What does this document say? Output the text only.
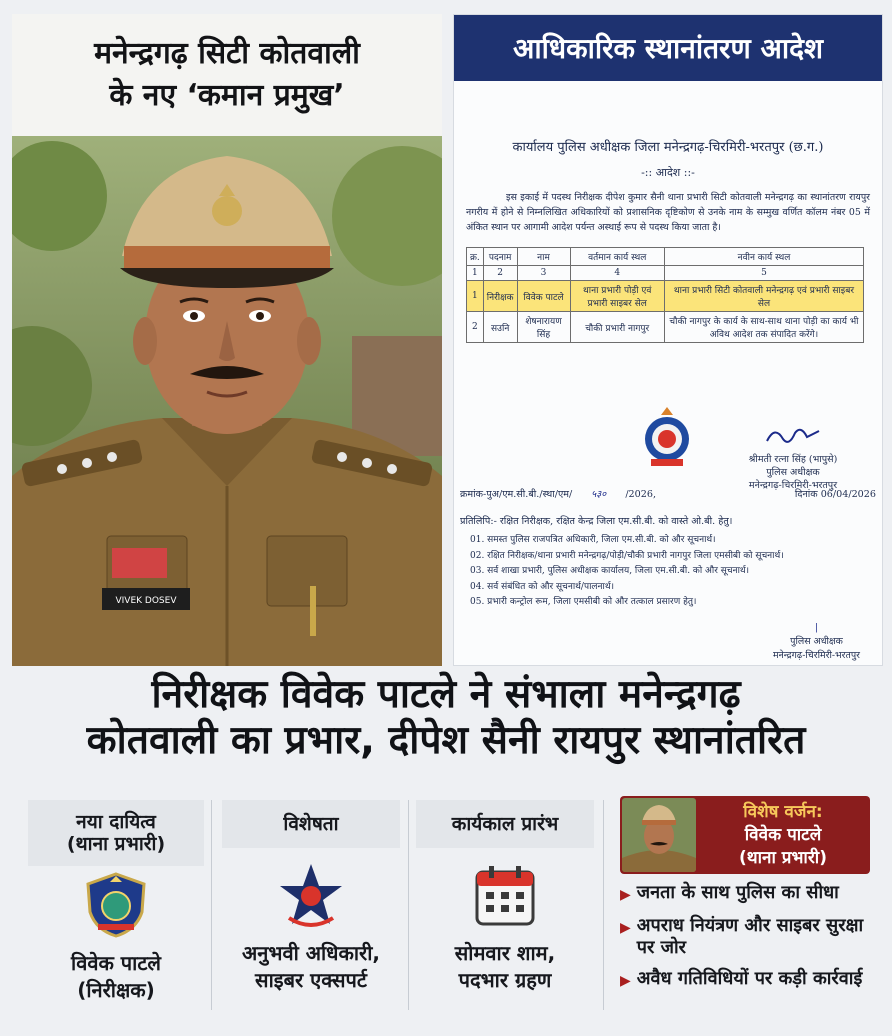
मनेन्द्रगढ़ सिटी कोतवाली
के नए ‘कमान प्रमुख’
VIVEK DOSEV
आधिकारिक स्थानांतरण आदेश
कार्यालय पुलिस अधीक्षक जिला मनेन्द्रगढ़-चिरमिरी-भरतपुर (छ.ग.)
-:: आदेश ::-
इस इकाई में पदस्थ निरीक्षक दीपेश कुमार सैनी थाना प्रभारी सिटी कोतवाली मनेन्द्रगढ़ का स्थानांतरण रायपुर नगरीय में होने से निम्नलिखित अधिकारियों को प्रशासनिक दृष्टिकोण से उनके नाम के सम्मुख वर्णित कॉलम नंबर 05 में अंकित स्थान पर आगामी आदेश पर्यन्त अस्थाई रूप से पदस्थ किया जाता है।
क्र.	पदनाम	नाम	वर्तमान कार्य स्थल	नवीन कार्य स्थल
1	2	3	4	5
1	निरीक्षक	विवेक पाटले	थाना प्रभारी पोड़ी एवं प्रभारी साइबर सेल	थाना प्रभारी सिटी कोतवाली मनेन्द्रगढ़ एवं प्रभारी साइबर सेल
2	सउनि	शेषनारायण सिंह	चौकी प्रभारी नागपुर	चौकी नागपुर के कार्य के साथ-साथ थाना पोड़ी का कार्य भी अविथ आदेश तक संपादित करेंगे।
श्रीमती रत्ना सिंह (भापुसे)
पुलिस अधीक्षक
मनेन्द्रगढ़-चिरमिरी-भरतपुर
क्रमांक-पुअ/एम.सी.बी./स्था/एम/ ५३० /2026,	दिनांक 06/04/2026
प्रतिलिपि:- रक्षित निरीक्षक, रक्षित केन्द्र जिला एम.सी.बी. को वास्ते ओ.बी. हेतु।
01. समस्त पुलिस राजपत्रित अधिकारी, जिला एम.सी.बी. को और सूचनार्थ।
02. रक्षित निरीक्षक/थाना प्रभारी मनेन्द्रगढ़/पोड़ी/चौकी प्रभारी नागपुर जिला एमसीबी को सूचनार्थ।
03. सर्व शाखा प्रभारी, पुलिस अधीक्षक कार्यालय, जिला एम.सी.बी. को और सूचनार्थ।
04. सर्व संबंधित को और सूचनार्थ/पालनार्थ।
05. प्रभारी कन्ट्रोल रूम, जिला एमसीबी को और तत्काल प्रसारण हेतु।
|
पुलिस अधीक्षक
मनेन्द्रगढ़-चिरमिरी-भरतपुर
निरीक्षक विवेक पाटले ने संभाला मनेन्द्रगढ़
कोतवाली का प्रभार, दीपेश सैनी रायपुर स्थानांतरित
नया दायित्व
(थाना प्रभारी)
विवेक पाटले
(निरीक्षक)
विशेषता
अनुभवी अधिकारी,
साइबर एक्सपर्ट
कार्यकाल प्रारंभ
सोमवार शाम,
पदभार ग्रहण
विशेष वर्जन:
विवेक पाटले
(थाना प्रभारी)
▶ जनता के साथ पुलिस का सीधा
▶ अपराध नियंत्रण और साइबर सुरक्षा पर जोर
▶ अवैध गतिविधियों पर कड़ी कार्रवाई
